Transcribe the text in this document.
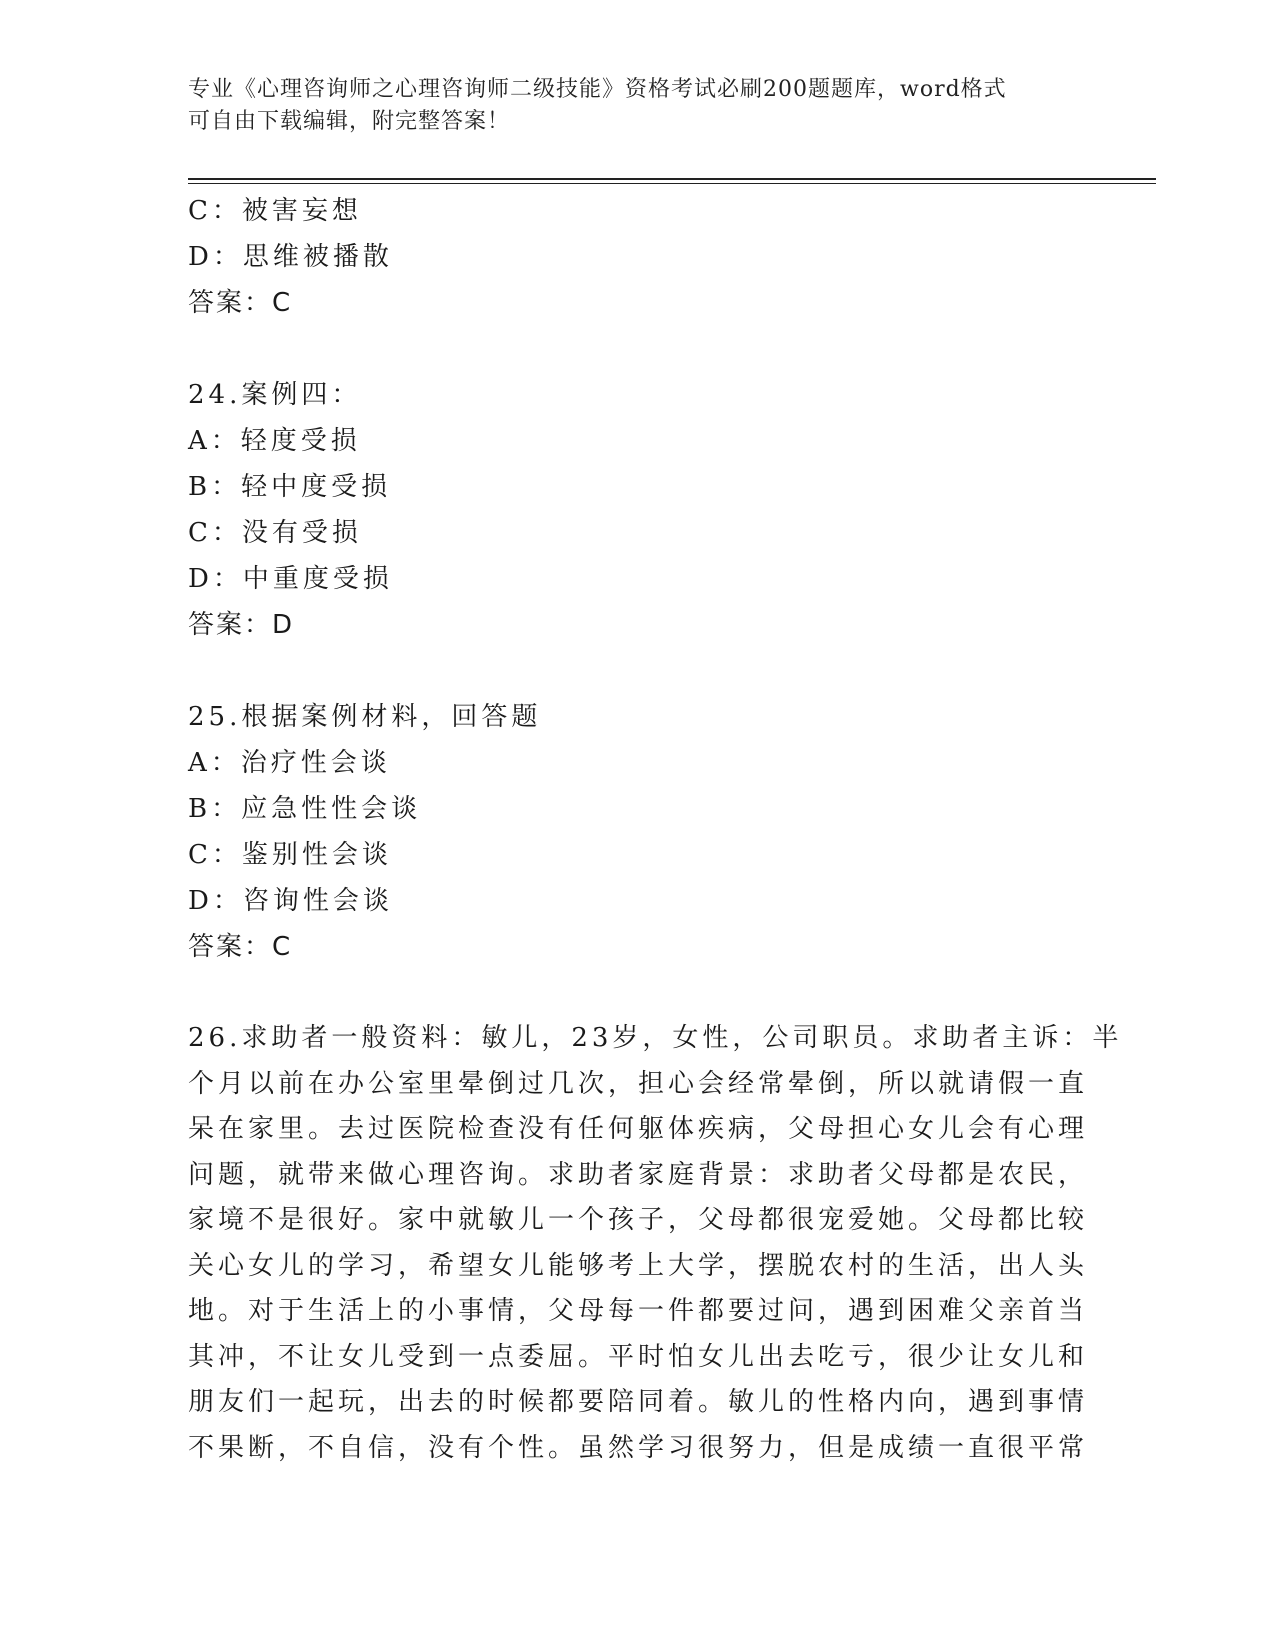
专业《心理咨询师之心理咨询师二级技能》资格考试必刷200题题库，word格式
可自由下载编辑，附完整答案！
C：被害妄想
D：思维被播散
答案：C
24.案例四：
A：轻度受损
B：轻中度受损
C：没有受损
D：中重度受损
答案：D
25.根据案例材料，回答题
A：治疗性会谈
B：应急性性会谈
C：鉴别性会谈
D：咨询性会谈
答案：C
26.求助者一般资料：敏儿，23岁，女性，公司职员。求助者主诉：半
个月以前在办公室里晕倒过几次，担心会经常晕倒，所以就请假一直
呆在家里。去过医院检查没有任何躯体疾病，父母担心女儿会有心理
问题，就带来做心理咨询。求助者家庭背景：求助者父母都是农民，
家境不是很好。家中就敏儿一个孩子，父母都很宠爱她。父母都比较
关心女儿的学习，希望女儿能够考上大学，摆脱农村的生活，出人头
地。对于生活上的小事情，父母每一件都要过问，遇到困难父亲首当
其冲，不让女儿受到一点委屈。平时怕女儿出去吃亏，很少让女儿和
朋友们一起玩，出去的时候都要陪同着。敏儿的性格内向，遇到事情
不果断，不自信，没有个性。虽然学习很努力，但是成绩一直很平常
